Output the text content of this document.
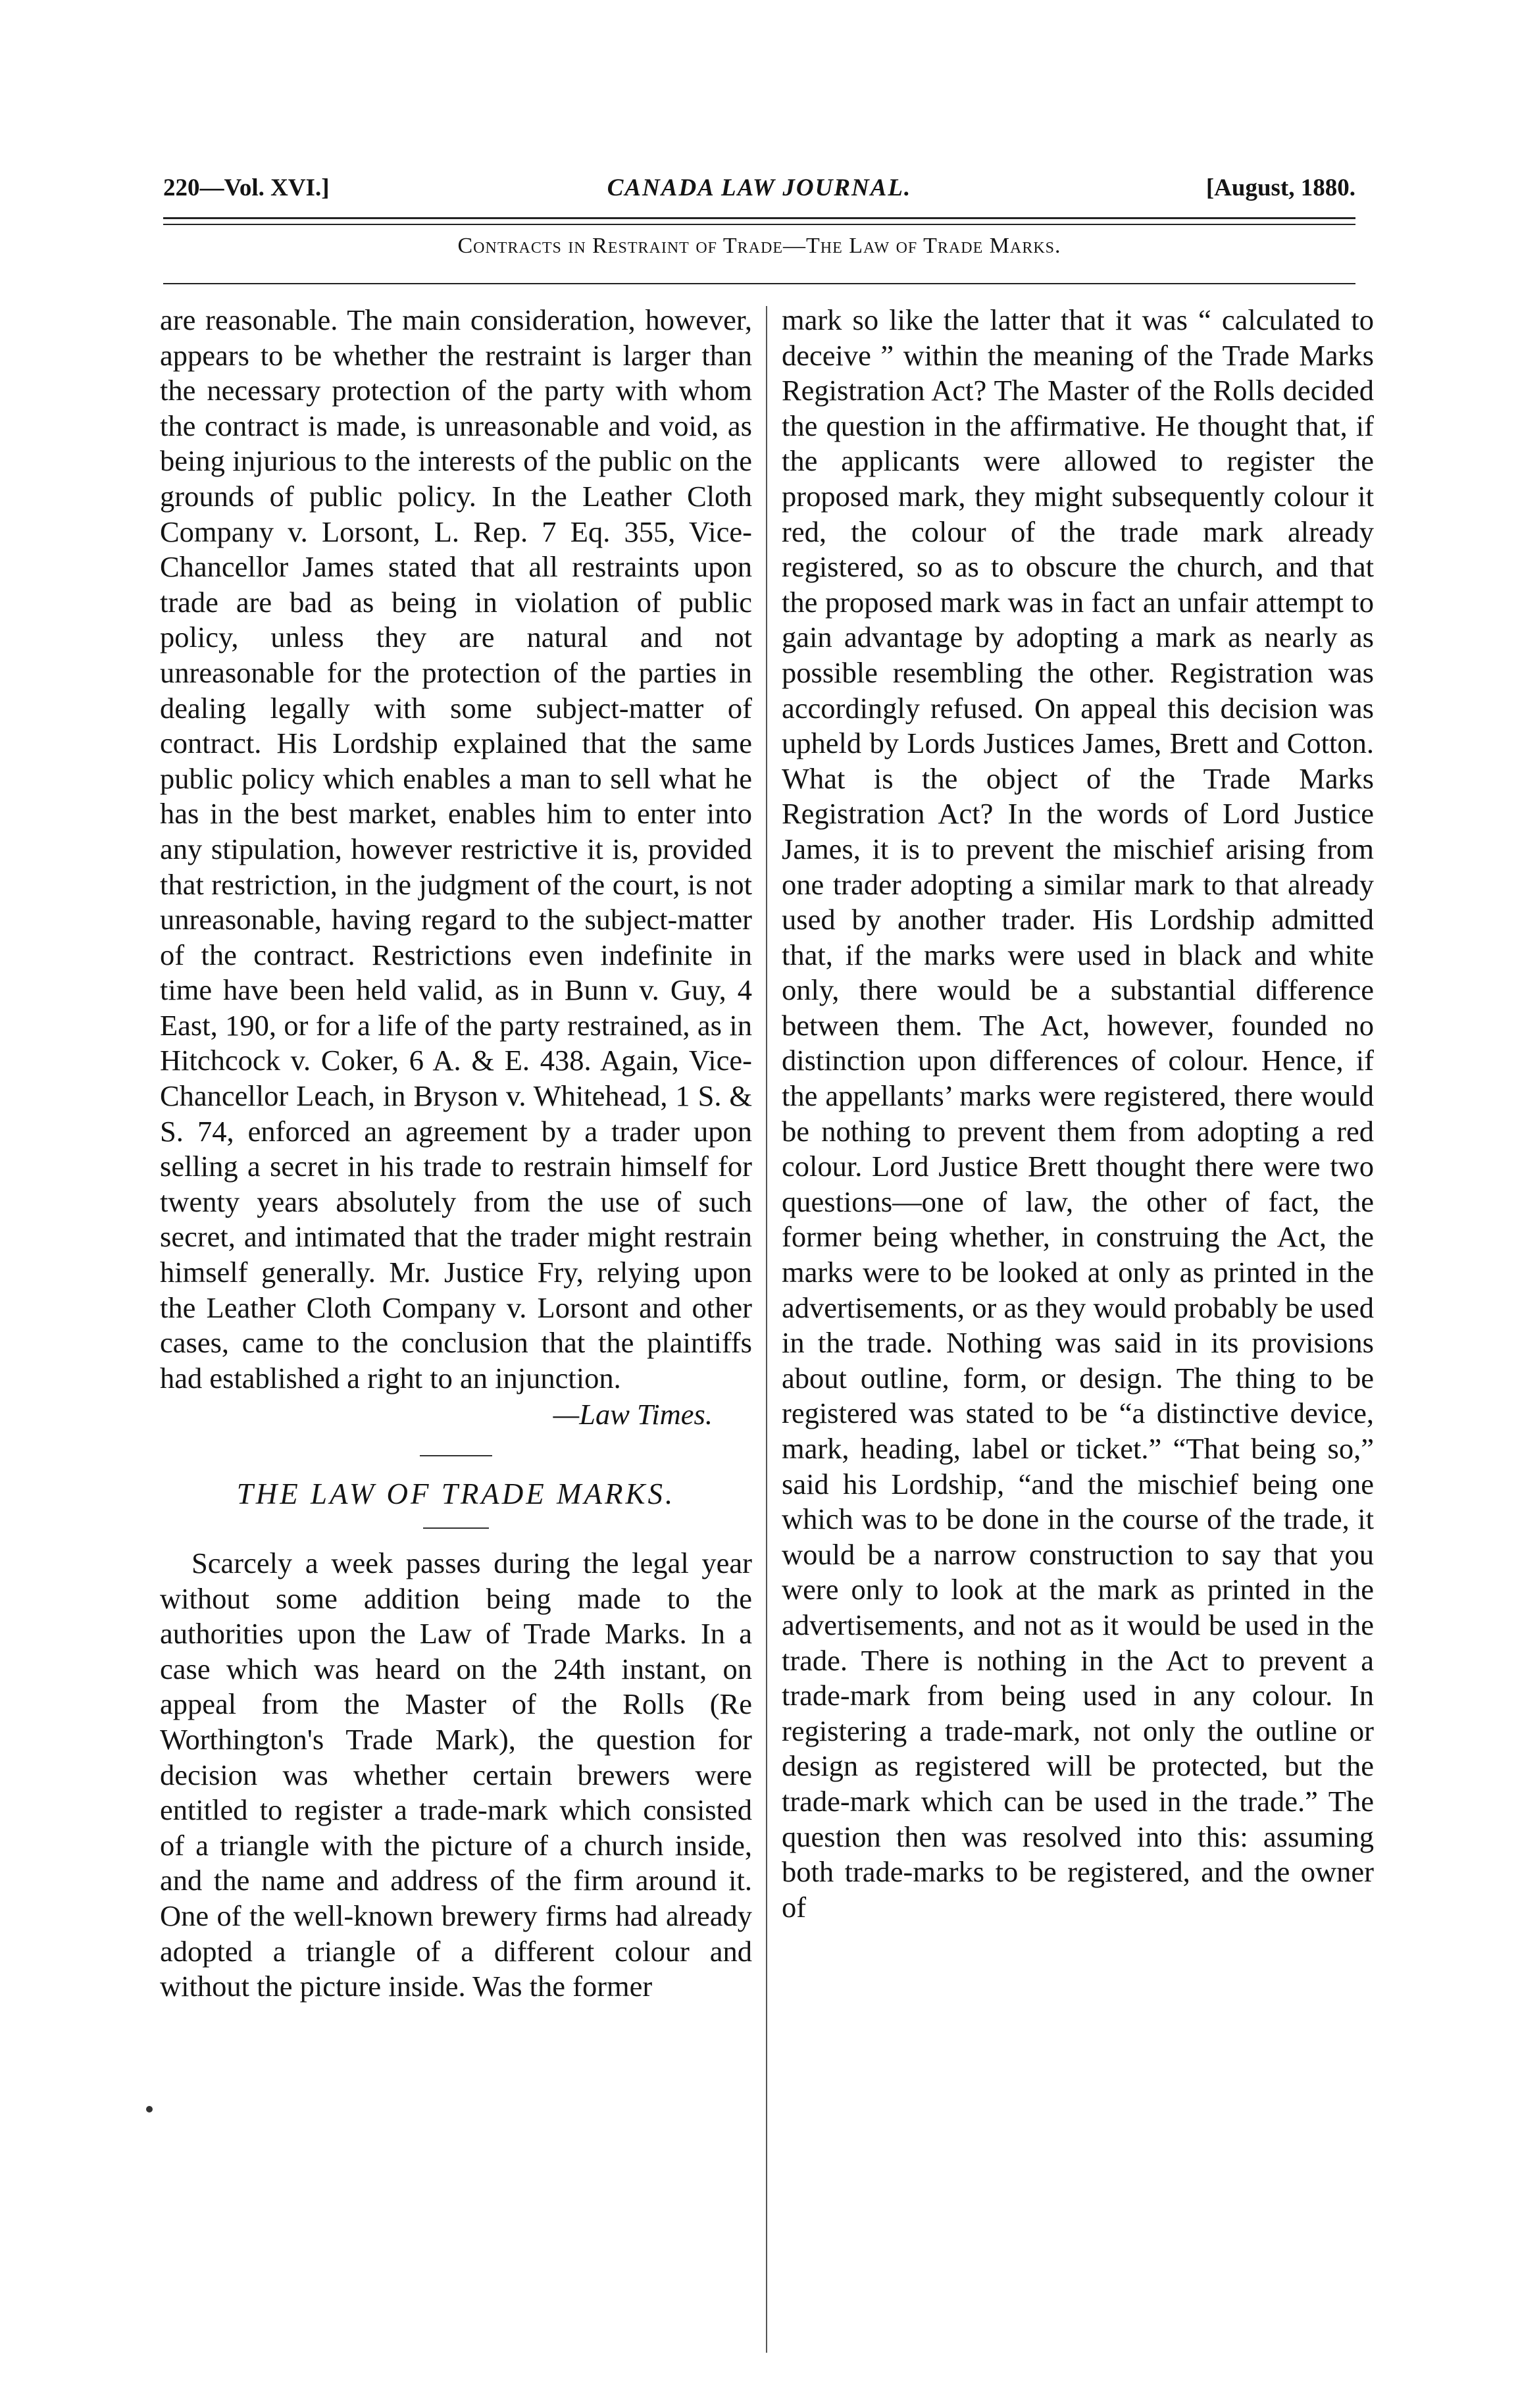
220—Vol. XVI.]	CANADA LAW JOURNAL.	[August, 1880.
Contracts in Restraint of Trade—The Law of Trade Marks.

are reasonable. The main consideration, however, appears to be whether the restraint is larger than the necessary protection of the party with whom the contract is made, is unreasonable and void, as being injurious to the interests of the public on the grounds of public policy. In the Leather Cloth Company v. Lorsont, L. Rep. 7 Eq. 355, Vice-Chancellor James stated that all restraints upon trade are bad as being in violation of public policy, unless they are natural and not unreasonable for the protection of the parties in dealing legally with some subject-matter of contract. His Lordship explained that the same public policy which enables a man to sell what he has in the best market, enables him to enter into any stipulation, however restrictive it is, provided that restriction, in the judgment of the court, is not unreasonable, having regard to the subject-matter of the contract. Restrictions even indefinite in time have been held valid, as in Bunn v. Guy, 4 East, 190, or for a life of the party restrained, as in Hitchcock v. Coker, 6 A. & E. 438. Again, Vice-Chancellor Leach, in Bryson v. Whitehead, 1 S. & S. 74, enforced an agreement by a trader upon selling a secret in his trade to restrain himself for twenty years absolutely from the use of such secret, and intimated that the trader might restrain himself generally. Mr. Justice Fry, relying upon the Leather Cloth Company v. Lorsont and other cases, came to the conclusion that the plaintiffs had established a right to an injunction.

—Law Times.

THE LAW OF TRADE MARKS.

Scarcely a week passes during the legal year without some addition being made to the authorities upon the Law of Trade Marks. In a case which was heard on the 24th instant, on appeal from the Master of the Rolls (Re Worthington's Trade Mark), the question for decision was whether certain brewers were entitled to register a trade-mark which consisted of a triangle with the picture of a church inside, and the name and address of the firm around it. One of the well-known brewery firms had already adopted a triangle of a different colour and without the picture inside. Was the former

mark so like the latter that it was “ calculated to deceive ” within the meaning of the Trade Marks Registration Act? The Master of the Rolls decided the question in the affirmative. He thought that, if the applicants were allowed to register the proposed mark, they might subsequently colour it red, the colour of the trade mark already registered, so as to obscure the church, and that the proposed mark was in fact an unfair attempt to gain advantage by adopting a mark as nearly as possible resembling the other. Registration was accordingly refused. On appeal this decision was upheld by Lords Justices James, Brett and Cotton. What is the object of the Trade Marks Registration Act? In the words of Lord Justice James, it is to prevent the mischief arising from one trader adopting a similar mark to that already used by another trader. His Lordship admitted that, if the marks were used in black and white only, there would be a substantial difference between them. The Act, however, founded no distinction upon differences of colour. Hence, if the appellants’ marks were registered, there would be nothing to prevent them from adopting a red colour. Lord Justice Brett thought there were two questions—one of law, the other of fact, the former being whether, in construing the Act, the marks were to be looked at only as printed in the advertisements, or as they would probably be used in the trade. Nothing was said in its provisions about outline, form, or design. The thing to be registered was stated to be “a distinctive device, mark, heading, label or ticket.” “That being so,” said his Lordship, “and the mischief being one which was to be done in the course of the trade, it would be a narrow construction to say that you were only to look at the mark as printed in the advertisements, and not as it would be used in the trade. There is nothing in the Act to prevent a trade-mark from being used in any colour. In registering a trade-mark, not only the outline or design as registered will be protected, but the trade-mark which can be used in the trade.” The question then was resolved into this: assuming both trade-marks to be registered, and the owner of
